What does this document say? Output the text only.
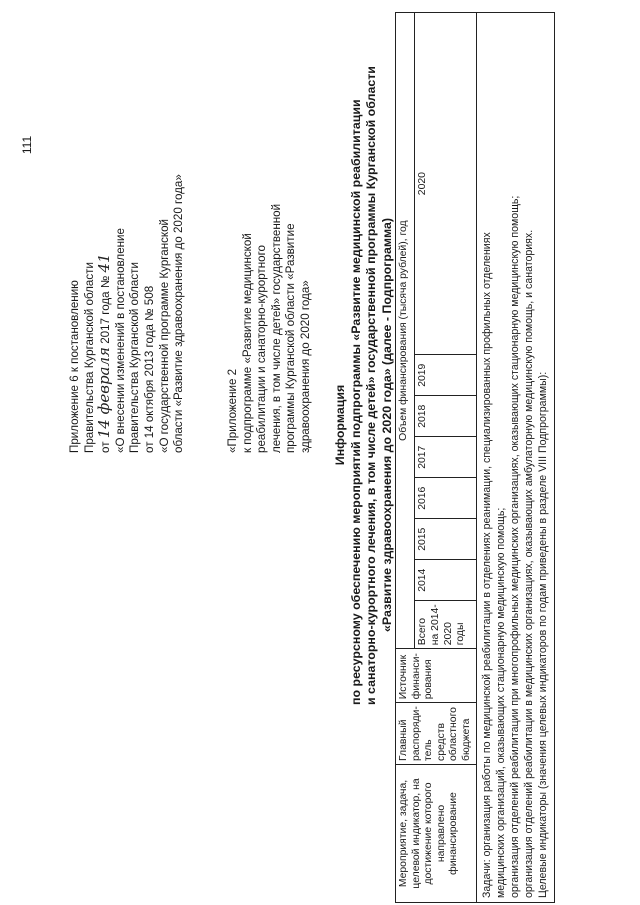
111
Приложение 6 к постановлению Правительства Курганской области от 14 февраля 2017 года № 41 «О внесении изменений в постановление Правительства Курганской области от 14 октября 2013 года № 508 «О государственной программе Курганской области «Развитие здравоохранения до 2020 года»	«Приложение 2 к подпрограмме «Развитие медицинской реабилитации и санаторно-курортного лечения, в том числе детей» государственной программы Курганской области «Развитие здравоохранения до 2020 года» Информация по ресурсному обеспечению мероприятий подпрограммы «Развитие медицинской реабилитации и санаторно-курортного лечения, в том числе детей» государственной программы Курганской области «Развитие здравоохранения до 2020 года» (далее - Подпрограмма)
Мероприятие, задача, целевой индикатор, на достижение которого направлено финансирование	Главный распоряди-тель средств областного бюджета	Источник финанси-рования	Объем финансирования (тысяча рублей), год							
			Всего на 2014-2020 годы	2014	2015	2016	2017	2018	2019	2020

Задачи: организация работы по медицинской реабилитации в отделениях реанимации, специализированных профильных отделениях медицинских организаций, оказывающих стационарную медицинскую помощь; организация отделений реабилитации при многопрофильных медицинских организациях, оказывающих стационарную медицинскую помощь; организация отделений реабилитации в медицинских организациях, оказывающих амбулаторную медицинскую помощь, и санаториях. Целевые индикаторы (значения целевых индикаторов по годам приведены в разделе VIII Подпрограммы):										
